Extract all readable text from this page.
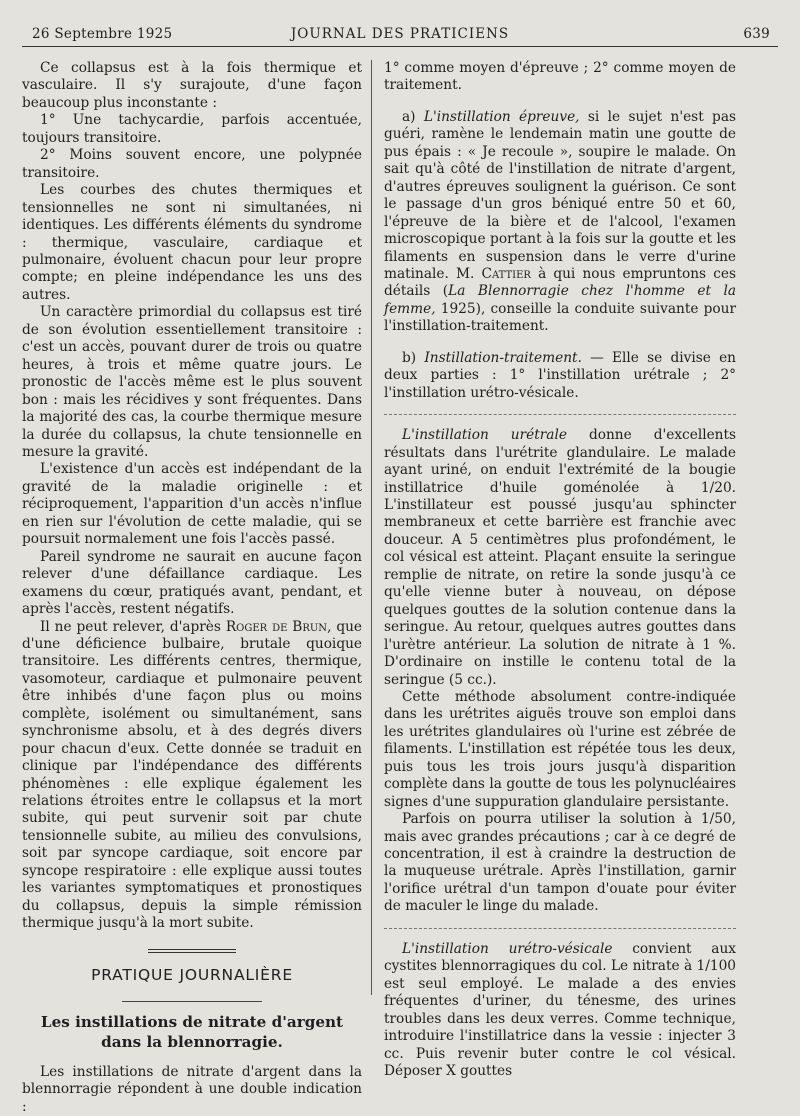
26 Septembre 1925	JOURNAL DES PRATICIENS	639

Ce collapsus est à la fois thermique et vasculaire. Il s'y surajoute, d'une façon beaucoup plus inconstante :

1° Une tachycardie, parfois accentuée, toujours transitoire.

2° Moins souvent encore, une polypnée transitoire.

Les courbes des chutes thermiques et tensionnelles ne sont ni simultanées, ni identiques. Les différents éléments du syndrome : thermique, vasculaire, cardiaque et pulmonaire, évoluent chacun pour leur propre compte; en pleine indépendance les uns des autres.

Un caractère primordial du collapsus est tiré de son évolution essentiellement transitoire : c'est un accès, pouvant durer de trois ou quatre heures, à trois et même quatre jours. Le pronostic de l'accès même est le plus souvent bon : mais les récidives y sont fréquentes. Dans la majorité des cas, la courbe thermique mesure la durée du collapsus, la chute tensionnelle en mesure la gravité.

L'existence d'un accès est indépendant de la gravité de la maladie originelle : et réciproquement, l'apparition d'un accès n'influe en rien sur l'évolution de cette maladie, qui se poursuit normalement une fois l'accès passé.

Pareil syndrome ne saurait en aucune façon relever d'une défaillance cardiaque. Les examens du cœur, pratiqués avant, pendant, et après l'accès, restent négatifs.

Il ne peut relever, d'après Roger de Brun, que d'une déficience bulbaire, brutale quoique transitoire. Les différents centres, thermique, vasomoteur, cardiaque et pulmonaire peuvent être inhibés d'une façon plus ou moins complète, isolément ou simultanément, sans synchronisme absolu, et à des degrés divers pour chacun d'eux. Cette donnée se traduit en clinique par l'indépendance des différents phénomènes : elle explique également les relations étroites entre le collapsus et la mort subite, qui peut survenir soit par chute tensionnelle subite, au milieu des convulsions, soit par syncope cardiaque, soit encore par syncope respiratoire : elle explique aussi toutes les variantes symptomatiques et pronostiques du collapsus, depuis la simple rémission thermique jusqu'à la mort subite.

PRATIQUE JOURNALIÈRE
Les instillations de nitrate d'argent
dans la blennorragie.

Les instillations de nitrate d'argent dans la blennorragie répondent à une double indication :

1° comme moyen d'épreuve ; 2° comme moyen de traitement.

a) L'instillation épreuve, si le sujet n'est pas guéri, ramène le lendemain matin une goutte de pus épais : « Je recoule », soupire le malade. On sait qu'à côté de l'instillation de nitrate d'argent, d'autres épreuves soulignent la guérison. Ce sont le passage d'un gros béniqué entre 50 et 60, l'épreuve de la bière et de l'alcool, l'examen microscopique portant à la fois sur la goutte et les filaments en suspension dans le verre d'urine matinale. M. Cattier à qui nous empruntons ces détails (La Blennorragie chez l'homme et la femme, 1925), conseille la conduite suivante pour l'instillation-traitement.

b) Instillation-traitement. — Elle se divise en deux parties : 1° l'instillation urétrale ; 2° l'instillation urétro-vésicale.

L'instillation urétrale donne d'excellents résultats dans l'urétrite glandulaire. Le malade ayant uriné, on enduit l'extrémité de la bougie instillatrice d'huile goménolée à 1/20. L'instillateur est poussé jusqu'au sphincter membraneux et cette barrière est franchie avec douceur. A 5 centimètres plus profondément, le col vésical est atteint. Plaçant ensuite la seringue remplie de nitrate, on retire la sonde jusqu'à ce qu'elle vienne buter à nouveau, on dépose quelques gouttes de la solution contenue dans la seringue. Au retour, quelques autres gouttes dans l'urètre antérieur. La solution de nitrate à 1 %. D'ordinaire on instille le contenu total de la seringue (5 cc.).

Cette méthode absolument contre-indiquée dans les urétrites aiguës trouve son emploi dans les urétrites glandulaires où l'urine est zébrée de filaments. L'instillation est répétée tous les deux, puis tous les trois jours jusqu'à disparition complète dans la goutte de tous les polynucléaires signes d'une suppuration glandulaire persistante.

Parfois on pourra utiliser la solution à 1/50, mais avec grandes précautions ; car à ce degré de concentration, il est à craindre la destruction de la muqueuse urétrale. Après l'instillation, garnir l'orifice urétral d'un tampon d'ouate pour éviter de maculer le linge du malade.

L'instillation urétro-vésicale convient aux cystites blennorragiques du col. Le nitrate à 1/100 est seul employé. Le malade a des envies fréquentes d'uriner, du ténesme, des urines troubles dans les deux verres. Comme technique, introduire l'instillatrice dans la vessie : injecter 3 cc. Puis revenir buter contre le col vésical. Déposer X gouttes
